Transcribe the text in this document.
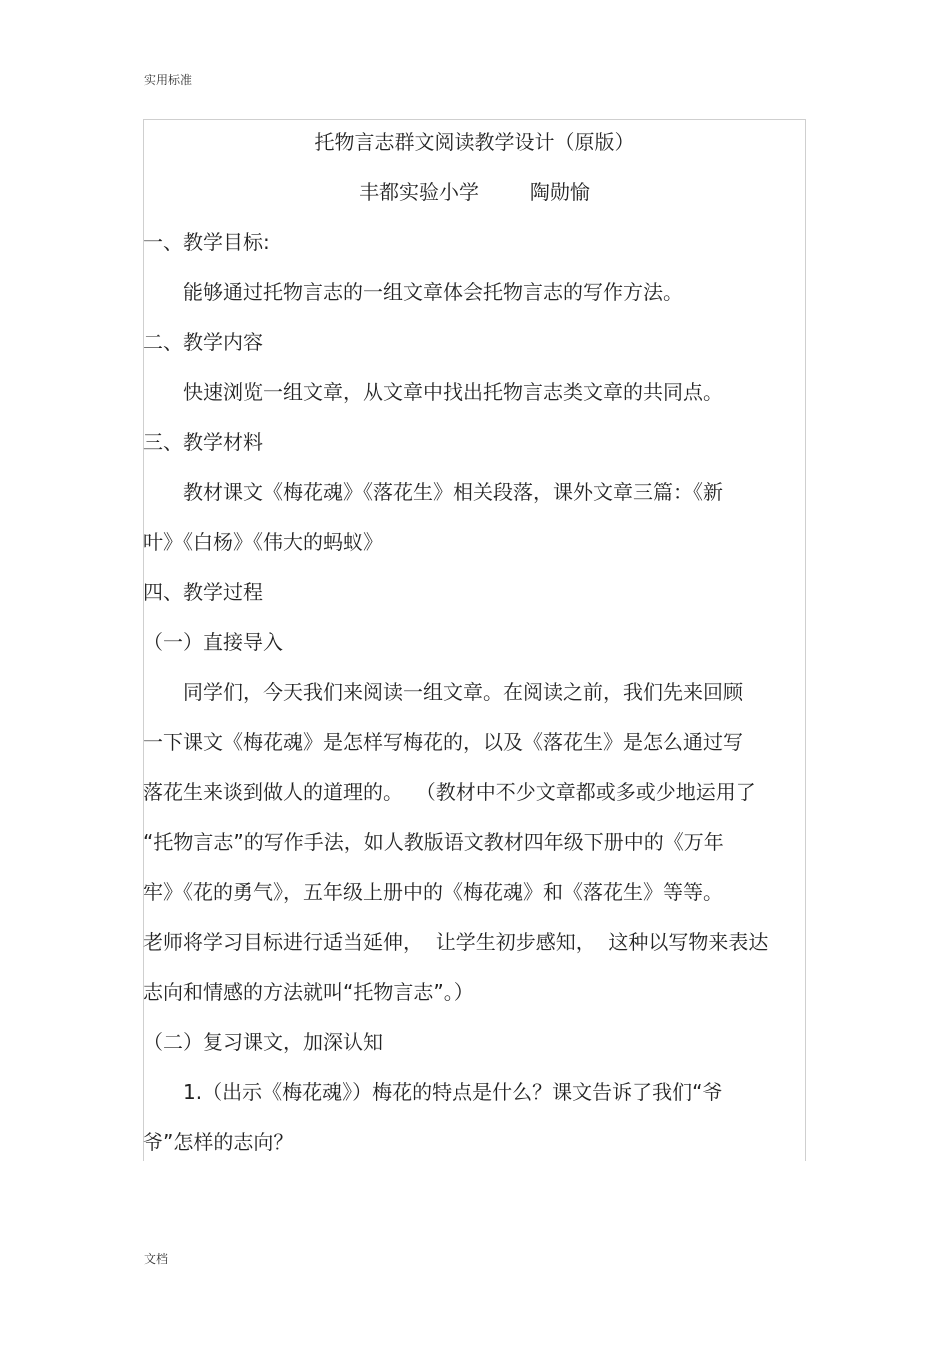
实用标准
托物言志群文阅读教学设计（原版）
丰都实验小学        陶勋愉
一、教学目标:
能够通过托物言志的一组文章体会托物言志的写作方法。
二、教学内容
快速浏览一组文章，从文章中找出托物言志类文章的共同点。
三、教学材料
教材课文《梅花魂》《落花生》相关段落，课外文章三篇：《新
叶》《白杨》《伟大的蚂蚁》
四、教学过程
（一）直接导入
同学们，今天我们来阅读一组文章。在阅读之前，我们先来回顾
一下课文《梅花魂》是怎样写梅花的，以及《落花生》是怎么通过写
落花生来谈到做人的道理的。  （教材中不少文章都或多或少地运用了
“托物言志”的写作手法，如人教版语文教材四年级下册中的《万年
牢》《花的勇气》，五年级上册中的《梅花魂》和《落花生》等等。
老师将学习目标进行适当延伸，  让学生初步感知，  这种以写物来表达
志向和情感的方法就叫“托物言志”。）
（二）复习课文，加深认知
1.（出示《梅花魂》）梅花的特点是什么？课文告诉了我们“爷
爷”怎样的志向？
文档
